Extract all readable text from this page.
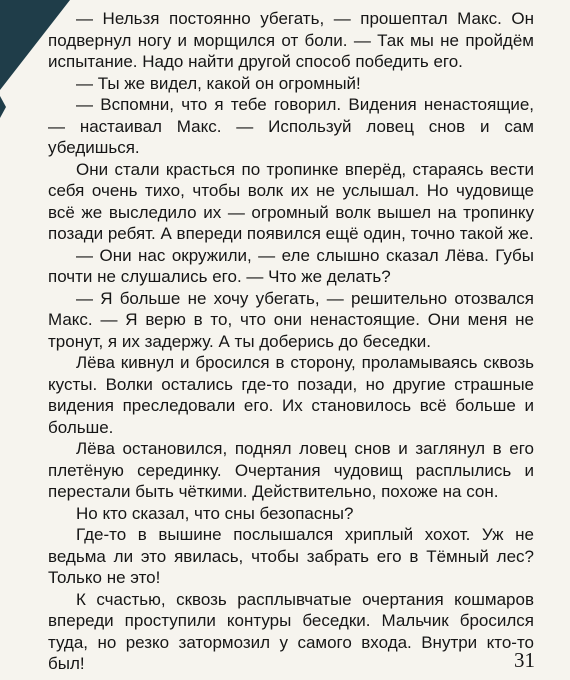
— Нельзя постоянно убегать, — прошептал Макс. Он подвернул ногу и морщился от боли. — Так мы не пройдём испытание. Надо найти другой способ победить его.

— Ты же видел, какой он огромный!

— Вспомни, что я тебе говорил. Видения ненастоящие, — настаивал Макс. — Используй ловец снов и сам убедишься.

Они стали красться по тропинке вперёд, стараясь вести себя очень тихо, чтобы волк их не услышал. Но чудовище всё же выследило их — огромный волк вышел на тропинку позади ребят. А впереди появился ещё один, точно такой же.

— Они нас окружили, — еле слышно сказал Лёва. Губы почти не слушались его. — Что же делать?

— Я больше не хочу убегать, — решительно отозвался Макс. — Я верю в то, что они ненастоящие. Они меня не тронут, я их задержу. А ты доберись до беседки.

Лёва кивнул и бросился в сторону, проламываясь сквозь кусты. Волки остались где-то позади, но другие страшные видения преследовали его. Их становилось всё больше и больше.

Лёва остановился, поднял ловец снов и заглянул в его плетёную серединку. Очертания чудовищ расплылись и перестали быть чёткими. Действительно, похоже на сон.

Но кто сказал, что сны безопасны?

Где-то в вышине послышался хриплый хохот. Уж не ведьма ли это явилась, чтобы забрать его в Тёмный лес? Только не это!

К счастью, сквозь расплывчатые очертания кошмаров впереди проступили контуры беседки. Мальчик бросился туда, но резко затормозил у самого входа. Внутри кто-то был!	31
